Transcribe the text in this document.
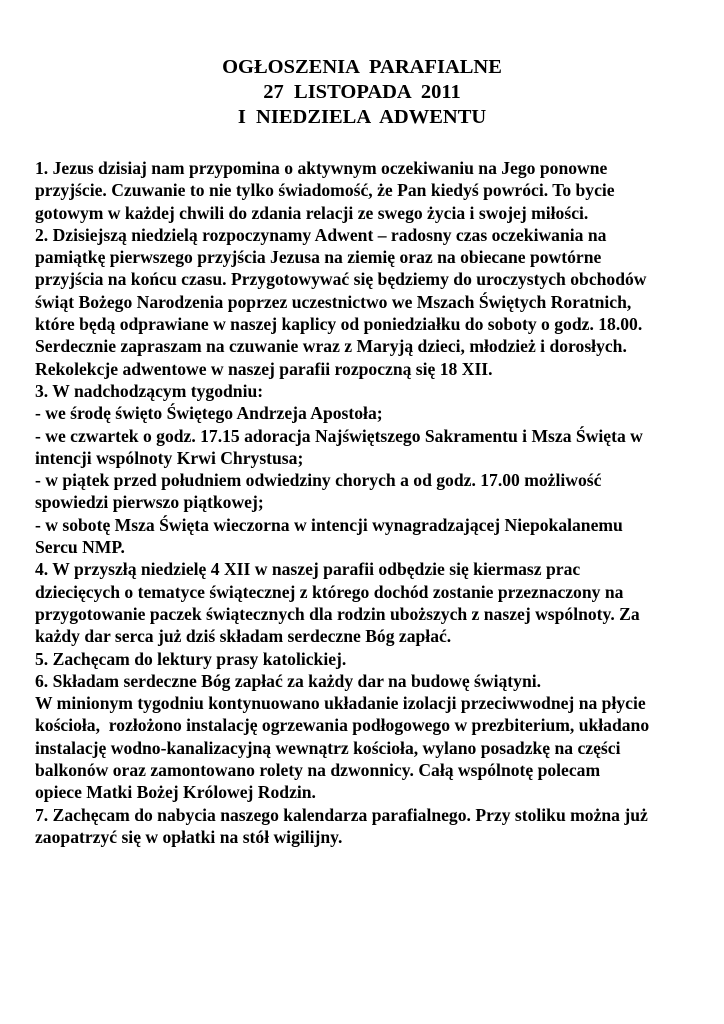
OGŁOSZENIA  PARAFIALNE
27  LISTOPADA  2011
I  NIEDZIELA  ADWENTU
1. Jezus dzisiaj nam przypomina o aktywnym oczekiwaniu na Jego ponowne
przyjście. Czuwanie to nie tylko świadomość, że Pan kiedyś powróci. To bycie
gotowym w każdej chwili do zdania relacji ze swego życia i swojej miłości.
2. Dzisiejszą niedzielą rozpoczynamy Adwent – radosny czas oczekiwania na
pamiątkę pierwszego przyjścia Jezusa na ziemię oraz na obiecane powtórne
przyjścia na końcu czasu. Przygotowywać się będziemy do uroczystych obchodów
świąt Bożego Narodzenia poprzez uczestnictwo we Mszach Świętych Roratnich,
które będą odprawiane w naszej kaplicy od poniedziałku do soboty o godz. 18.00.
Serdecznie zapraszam na czuwanie wraz z Maryją dzieci, młodzież i dorosłych.
Rekolekcje adwentowe w naszej parafii rozpoczną się 18 XII.
3. W nadchodzącym tygodniu:
- we środę święto Świętego Andrzeja Apostoła;
- we czwartek o godz. 17.15 adoracja Najświętszego Sakramentu i Msza Święta w
intencji wspólnoty Krwi Chrystusa;
- w piątek przed południem odwiedziny chorych a od godz. 17.00 możliwość
spowiedzi pierwszo piątkowej;
- w sobotę Msza Święta wieczorna w intencji wynagradzającej Niepokalanemu
Sercu NMP.
4. W przyszłą niedzielę 4 XII w naszej parafii odbędzie się kiermasz prac
dziecięcych o tematyce świątecznej z którego dochód zostanie przeznaczony na
przygotowanie paczek świątecznych dla rodzin uboższych z naszej wspólnoty. Za
każdy dar serca już dziś składam serdeczne Bóg zapłać.
5. Zachęcam do lektury prasy katolickiej.
6. Składam serdeczne Bóg zapłać za każdy dar na budowę świątyni.
W minionym tygodniu kontynuowano układanie izolacji przeciwwodnej na płycie
kościoła,  rozłożono instalację ogrzewania podłogowego w prezbiterium, układano
instalację wodno-kanalizacyjną wewnątrz kościoła, wylano posadzkę na części
balkonów oraz zamontowano rolety na dzwonnicy. Całą wspólnotę polecam
opiece Matki Bożej Królowej Rodzin.
7. Zachęcam do nabycia naszego kalendarza parafialnego. Przy stoliku można już
zaopatrzyć się w opłatki na stół wigilijny.
